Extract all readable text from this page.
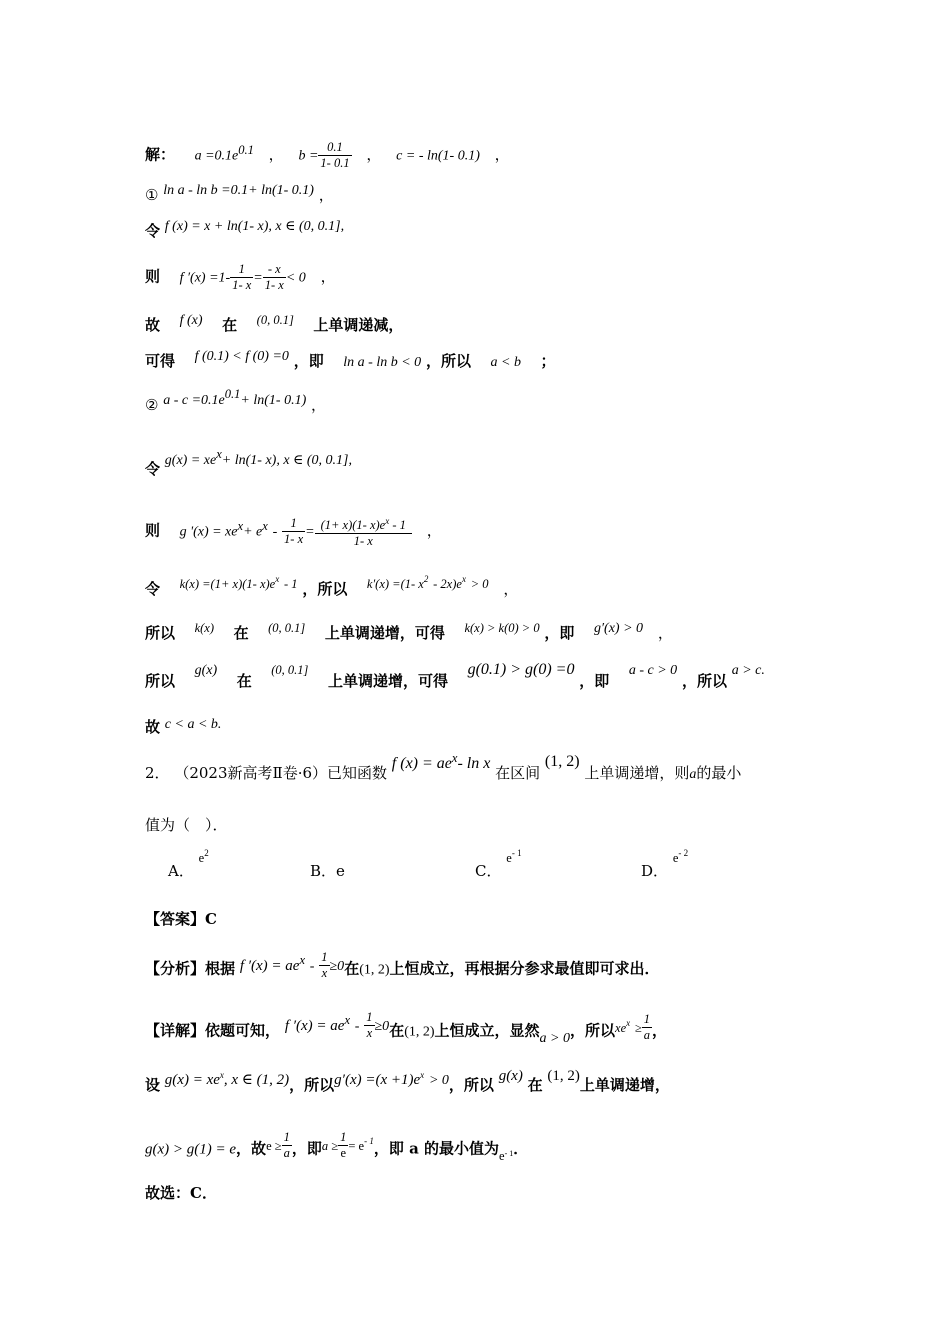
解： $a =0.1e^{0.1}$ ， $b = \frac{0.1}{1- 0.1}$ ， c = - ln(1- 0.1) ，
① ln a - ln b =0.1+ ln(1- 0.1) ，
令 f (x) = x + ln(1- x), x ∈ (0, 0.1],
则 f $'(x) =1- \frac{1}{1- x} = \frac{- x}{1- x} < 0$ ，
故 f (x) 在 $^{(0, 0.1]}$ 上单调递减，
可得 f (0.1) < f (0) =0 ，即 ln a - ln b < 0 ，所以 a < b ；
② $a - c =0.1e^{0.1}+ \ln(1-$ 0.1) ，
令 $g(x) = xe^x+ \ln(1-$ x), x ∈ (0, 0.1],
则 g '$(x) = xe^x+ e^x - \frac{1}{1- x} = \frac{(1+ x)(1- x)e^x - 1}{1- x}$ ，
令 k(x) =(1+ x)(1- $x)e^x - 1$ ，所以 k′(x) =(1- $x^2 - 2x)e^x > 0$ ，
所以 $^{k(x)}$ 在 $^{(0, 0.1]}$ 上单调递增，可得 $^{k(x) > k(0) > 0}$ ，即 g′(x) > 0 ，
所以  g(x)  在  $^{(0, 0.1]}$  上单调递增，可得  g(0.1) > g(0) =0 ，即  a - c > 0 ，所以 a > c.
故 c < a < b.
2． （2023新高考Ⅱ卷·6）已知函数 f $(x) = ae^x-$ ln x 在区间 (1, 2) 上单调递增，则a的最小
值为（　）．
A． $^{e2}$
B．e	C． $^{e- 1}$
D． $^{e- 2}$
【答案】C
【分析】根据 f $'(x) = ae^x - \frac{1}{x} \ge 0$在(1, 2)上恒成立，再根据分参求最值即可求出．
【详解】依题可知， f $'(x) = ae^x - \frac{1}{x} \ge 0$在(1, 2)上恒成立，显然a > 0，所以$xe^x \ge \frac{1}{a}$ ，
设 $g(x) = xe^x$, x ∈ (1, 2)，所以$g'(x) =(x +1)e^x > 0$，所以 g(x) 在 (1, 2)上单调递增，
g(x) > g(1) = e，故$e \ge \frac{1}{a}$ ，即$a \ge \frac{1}{e} = e^{- 1}$，即 a 的最小值为$_e$- 1．
故选：C．
